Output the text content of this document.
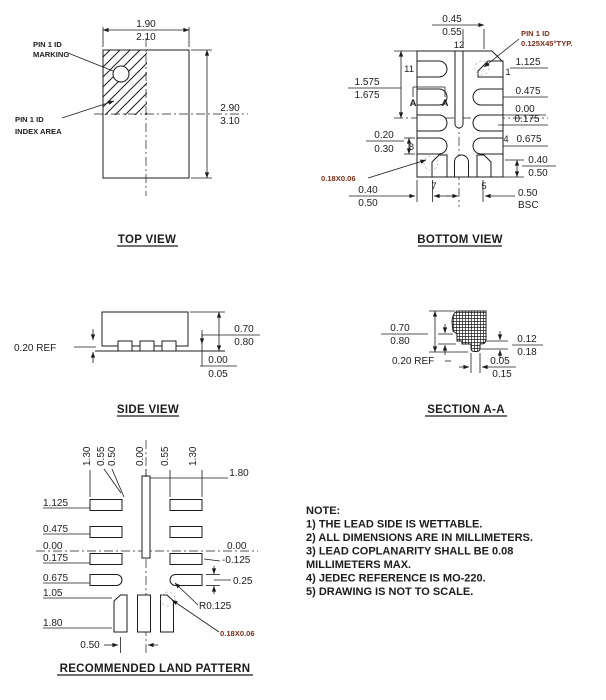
1.90
2.10
2.90
3.10
PIN 1 ID
MARKING
PIN 1 ID
INDEX AREA
TOP VIEW
0.45
0.55	PIN 1 ID
0.125X45°TYP.
1.125
0.475
0.00
0.175
0.675
0.40
0.50
1.575
1.675
0.20
0.30
0.18X0.06
0.40
0.50
0.50
BSC
11
8
12
1
4
7	5
A	A
BOTTOM VIEW
0.20 REF
0.70
0.80
0.00
0.05
SIDE VIEW
0.70
0.80
0.20 REF
0.12
0.18
0.05
0.15
SECTION A-A
1.30 0.55 0.50 0.00 0.55 1.30
1.80
1.125
0.475
0.00
0.175
0.675
1.05
1.80
0.50
0.00
-0.125
0.25
R0.125
0.18X0.06
RECOMMENDED LAND PATTERN
NOTE:
1) THE LEAD SIDE IS WETTABLE.
2) ALL DIMENSIONS ARE IN MILLIMETERS.
3) LEAD COPLANARITY SHALL BE 0.08
MILLIMETERS MAX.
4) JEDEC REFERENCE IS MO-220.
5) DRAWING IS NOT TO SCALE.
